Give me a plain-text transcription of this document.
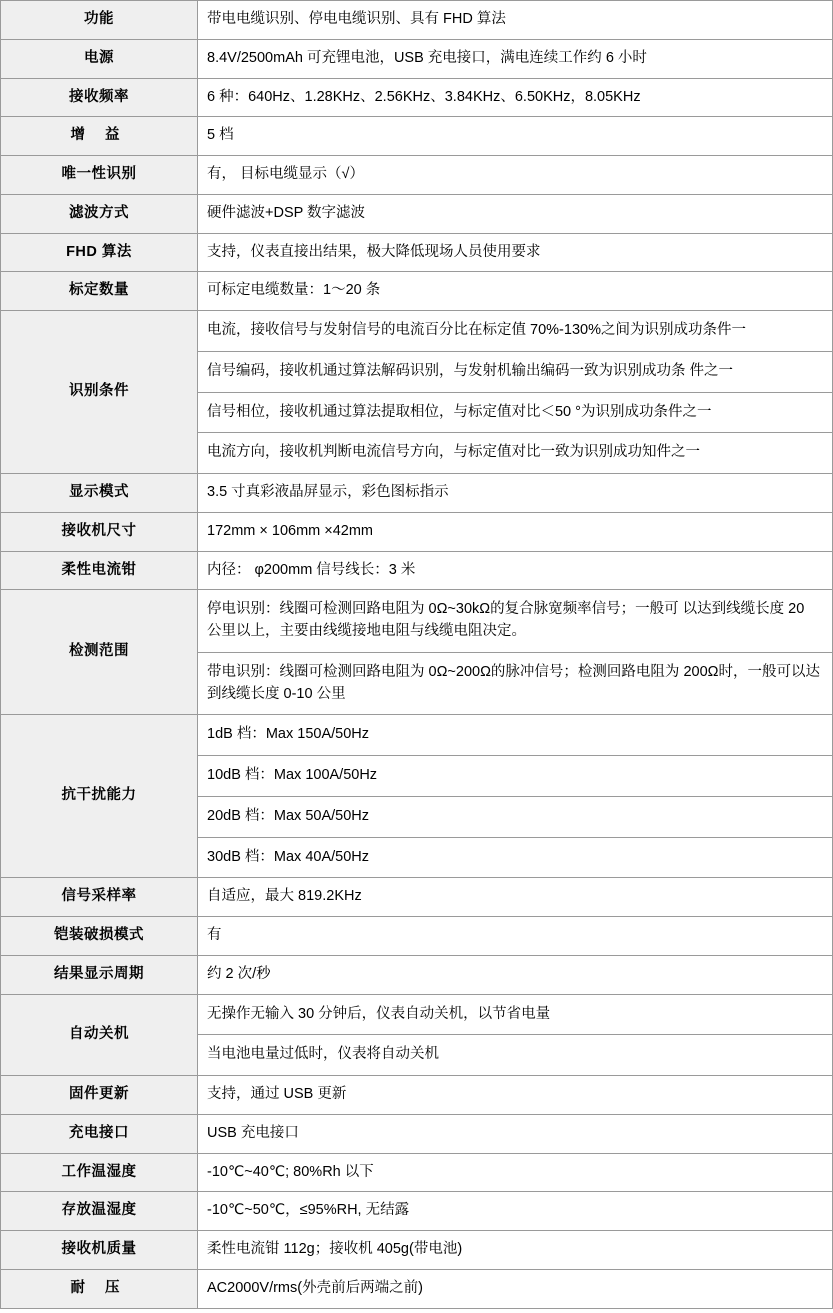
功能	带电电缆识别、停电电缆识别、具有 FHD 算法
电源	8.4V/2500mAh 可充锂电池，USB 充电接口，满电连续工作约 6 小时
接收频率	6 种：640Hz、1.28KHz、2.56KHz、3.84KHz、6.50KHz，8.05KHz
增 益	5 档
唯一性识别	有， 目标电缆显示（√）
滤波方式	硬件滤波+DSP 数字滤波
FHD 算法	支持，仪表直接出结果，极大降低现场人员使用要求
标定数量	可标定电缆数量：1～20 条
识别条件	电流，接收信号与发射信号的电流百分比在标定值 70%-130%之间为识别成功条件一
	信号编码，接收机通过算法解码识别，与发射机输出编码一致为识别成功条 件之一
	信号相位，接收机通过算法提取相位，与标定值对比＜50 °为识别成功条件之一
	电流方向，接收机判断电流信号方向，与标定值对比一致为识别成功知件之一
显示模式	3.5 寸真彩液晶屏显示，彩色图标指示
接收机尺寸	172mm × 106mm ×42mm
柔性电流钳	内径： φ200mm 信号线长：3 米
检测范围	停电识别：线圈可检测回路电阻为 0Ω~30kΩ的复合脉宽频率信号；一般可 以达到线缆长度 20 公里以上，主要由线缆接地电阻与线缆电阻决定。
	带电识别：线圈可检测回路电阻为 0Ω~200Ω的脉冲信号；检测回路电阻为 200Ω时，一般可以达到线缆长度 0-10 公里
抗干扰能力	1dB 档：Max 150A/50Hz
	10dB 档：Max 100A/50Hz
	20dB 档：Max 50A/50Hz
	30dB 档：Max 40A/50Hz
信号采样率	自适应，最大 819.2KHz
铠装破损模式	有
结果显示周期	约 2 次/秒
自动关机	无操作无输入 30 分钟后，仪表自动关机，以节省电量
	当电池电量过低时，仪表将自动关机
固件更新	支持，通过 USB 更新
充电接口	USB 充电接口
工作温湿度	-10℃~40℃; 80%Rh 以下
存放温湿度	-10℃~50℃，≤95%RH, 无结露
接收机质量	柔性电流钳 112g；接收机 405g(带电池)
耐 压	AC2000V/rms(外壳前后两端之前)
